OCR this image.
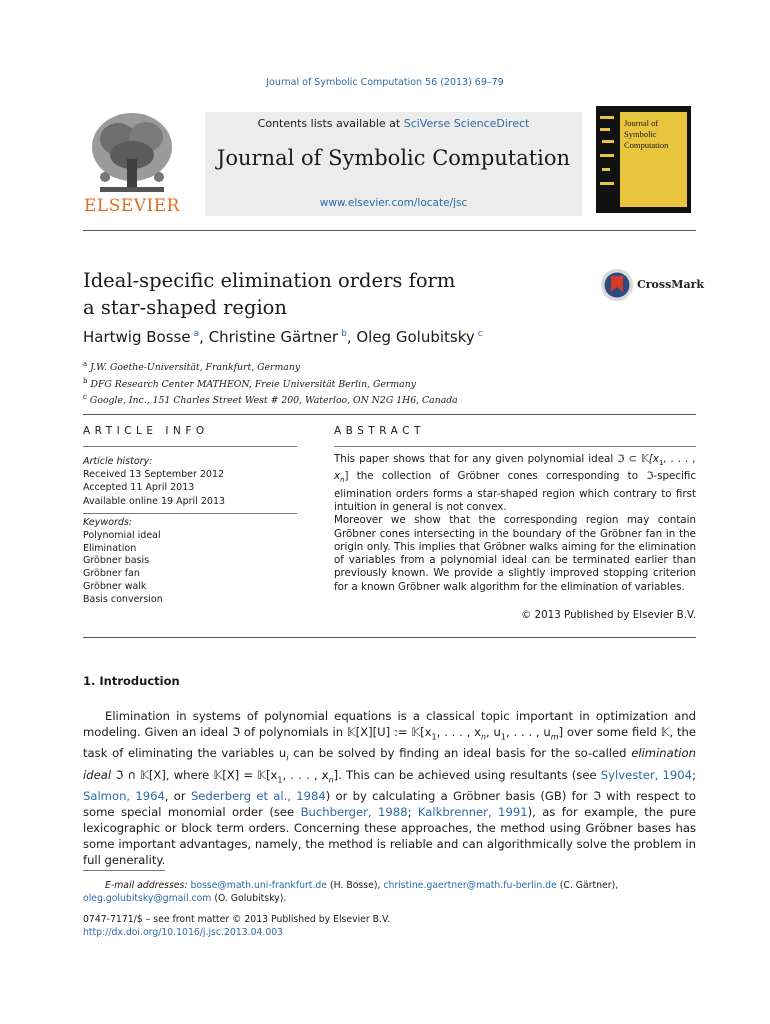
Journal of Symbolic Computation 56 (2013) 69–79
Contents lists available at SciVerse ScienceDirect
Journal of Symbolic Computation
www.elsevier.com/locate/jsc
ELSEVIER
Journal of
Symbolic
Computation
Ideal-specific elimination orders form
a star-shaped region
CrossMark
Hartwig Bosse  $^a$, Christine Gärtner  $^b$, Oleg Golubitsky  $^c$
$^a$ J.W. Goethe-Universität, Frankfurt, Germany
$^b$ DFG Research Center MATHEON, Freie Universität Berlin, Germany
$^c$ Google, Inc., 151 Charles Street West # 200, Waterloo, ON N2G 1H6, Canada
ARTICLE INFO	ABSTRACT
Article history:
Received 13 September 2012
Accepted 11 April 2013
Available online 19 April 2013
Keywords:
Polynomial ideal
Elimination
Gröbner basis
Gröbner fan
Gröbner walk
Basis conversion

This paper shows that for any given polynomial ideal ℑ ⊂ $𝕂[x_1$, . . . , $x_n$] the collection of Gröbner cones corresponding to ℑ-specific elimination orders forms a star-shaped region which contrary to first intuition in general is not convex.

Moreover we show that the corresponding region may contain Gröbner cones intersecting in the boundary of the Gröbner fan in the origin only. This implies that Gröbner walks aiming for the elimination of variables from a polynomial ideal can be terminated earlier than previously known. We provide a slightly improved stopping criterion for a known Gröbner walk algorithm for the elimination of variables.

© 2013 Published by Elsevier B.V.
1. Introduction

Elimination in systems of polynomial equations is a classical topic important in optimization and modeling. Given an ideal ℑ of polynomials in 𝕂[X][U] := $𝕂[x_1$, . . . , $x_n$, $u_1$, . . . , $u_m$] over some field 𝕂, the task of eliminating the variables $u_i$ can be solved by finding an ideal basis for the so-called elimination ideal ℑ ∩ 𝕂[X], where 𝕂[X] = $𝕂[x_1$, . . . , $x_n$]. This can be achieved using resultants (see Sylvester, 1904; Salmon, 1964, or Sederberg et al., 1984) or by calculating a Gröbner basis (GB) for ℑ with respect to some special monomial order (see Buchberger, 1988; Kalkbrenner, 1991), as for example, the pure lexicographic or block term orders. Concerning these approaches, the method using Gröbner bases has some important advantages, namely, the method is reliable and can algorithmically solve the problem in full generality.

E-mail addresses: bosse@math.uni-frankfurt.de (H. Bosse), christine.gaertner@math.fu-berlin.de (C. Gärtner),
oleg.golubitsky@gmail.com (O. Golubitsky).
0747-7171/$ – see front matter © 2013 Published by Elsevier B.V.
http://dx.doi.org/10.1016/j.jsc.2013.04.003
